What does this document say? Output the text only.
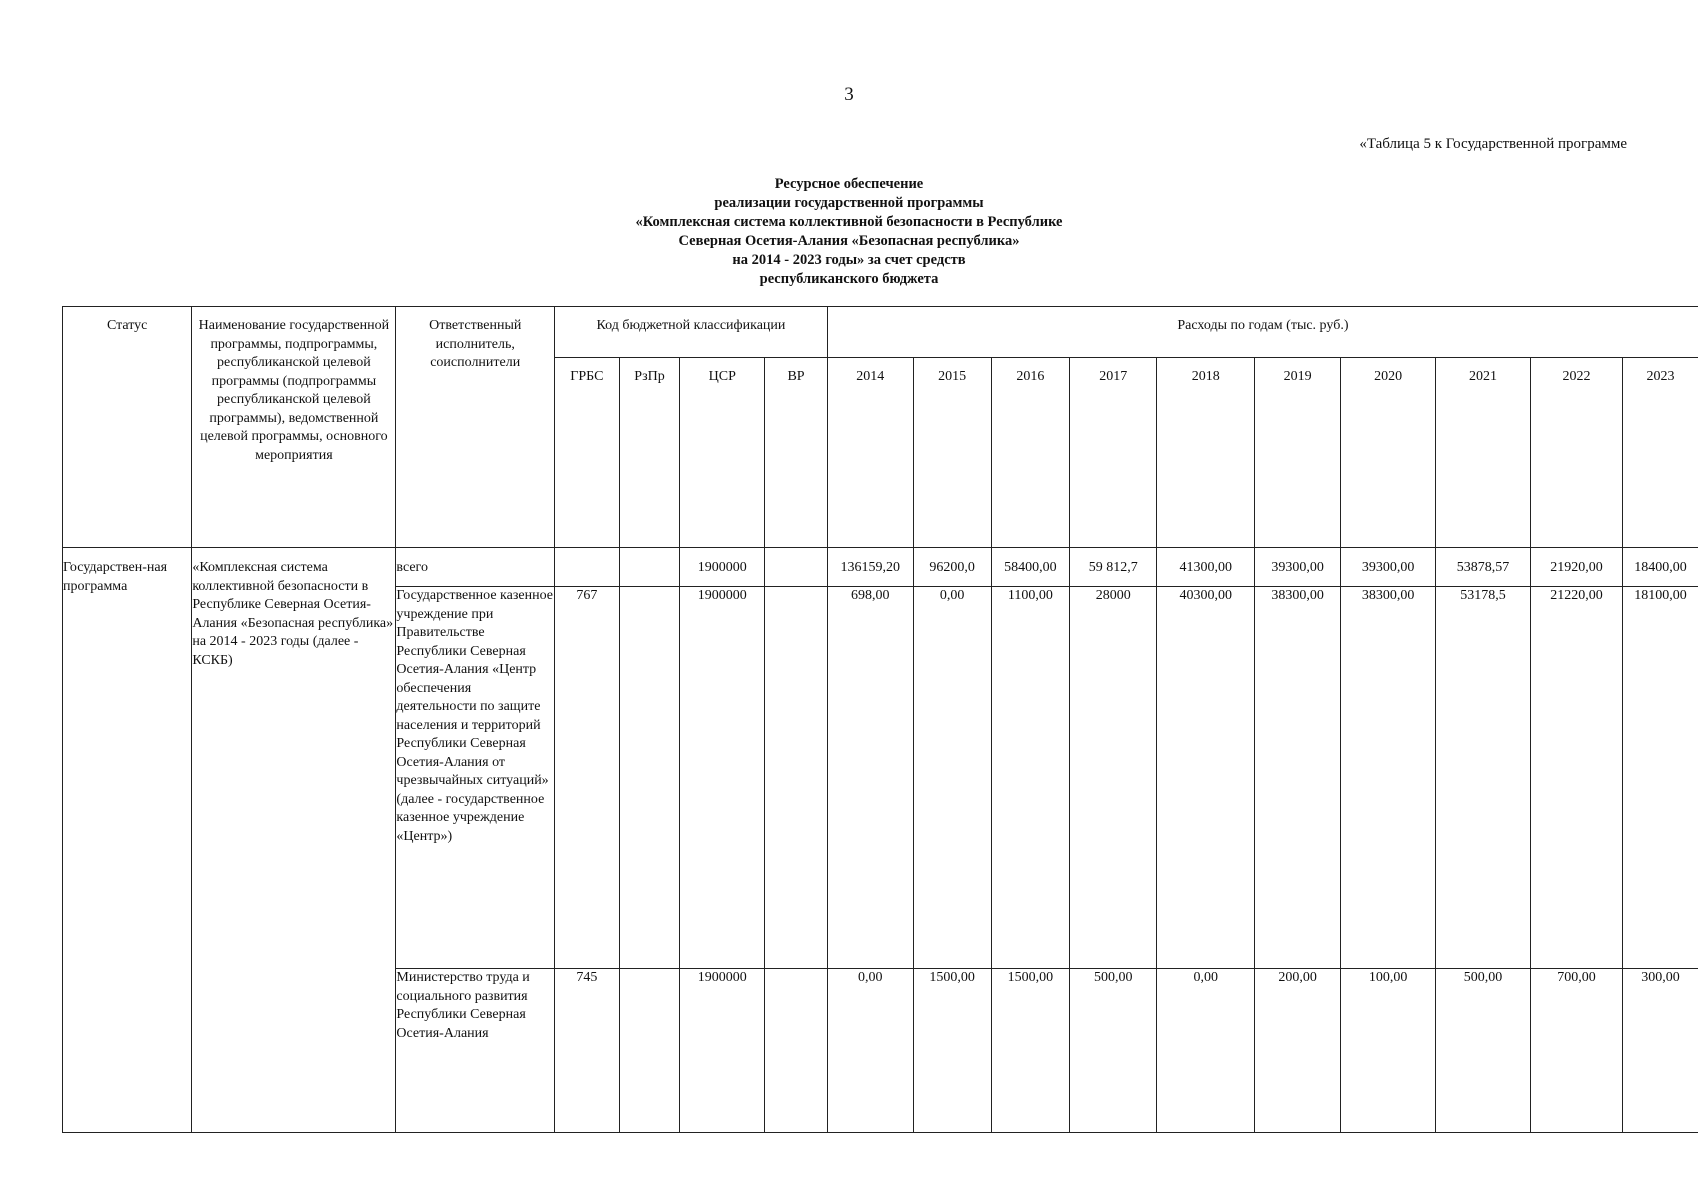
3
«Таблица 5 к Государственной программе
Ресурсное обеспечение
реализации государственной программы
«Комплексная система коллективной безопасности в Республике
Северная Осетия-Алания «Безопасная республика»
на 2014 - 2023 годы» за счет средств
республиканского бюджета
Статус	Наименование государственной программы, подпрограммы, республиканской целевой программы (подпрограммы республиканской целевой программы), ведомственной целевой программы, основного мероприятия	Ответственный исполнитель, соисполнители	Код бюджетной классификации				Расходы по годам (тыс. руб.)									
			ГРБС	РзПр	ЦСР	ВР	2014	2015	2016	2017	2018	2019	2020	2021	2022	2023
Государствен-ная программа	«Комплексная система коллективной безопасности в Республике Северная Осетия-Алания «Безопасная республика» на 2014 - 2023 годы (далее - КСКБ)	всего			1900000		136159,20	96200,0	58400,00	59 812,7	41300,00	39300,00	39300,00	53878,57	21920,00	18400,00
		Государственное казенное учреждение при Правительстве Республики Северная Осетия-Алания «Центр обеспечения деятельности по защите населения и территорий Республики Северная Осетия-Алания от чрезвычайных ситуаций» (далее - государственное казенное учреждение «Центр»)	767		1900000		698,00	0,00	1100,00	28000	40300,00	38300,00	38300,00	53178,5	21220,00	18100,00
		Министерство труда и социального развития Республики Северная Осетия-Алания	745		1900000		0,00	1500,00	1500,00	500,00	0,00	200,00	100,00	500,00	700,00	300,00
